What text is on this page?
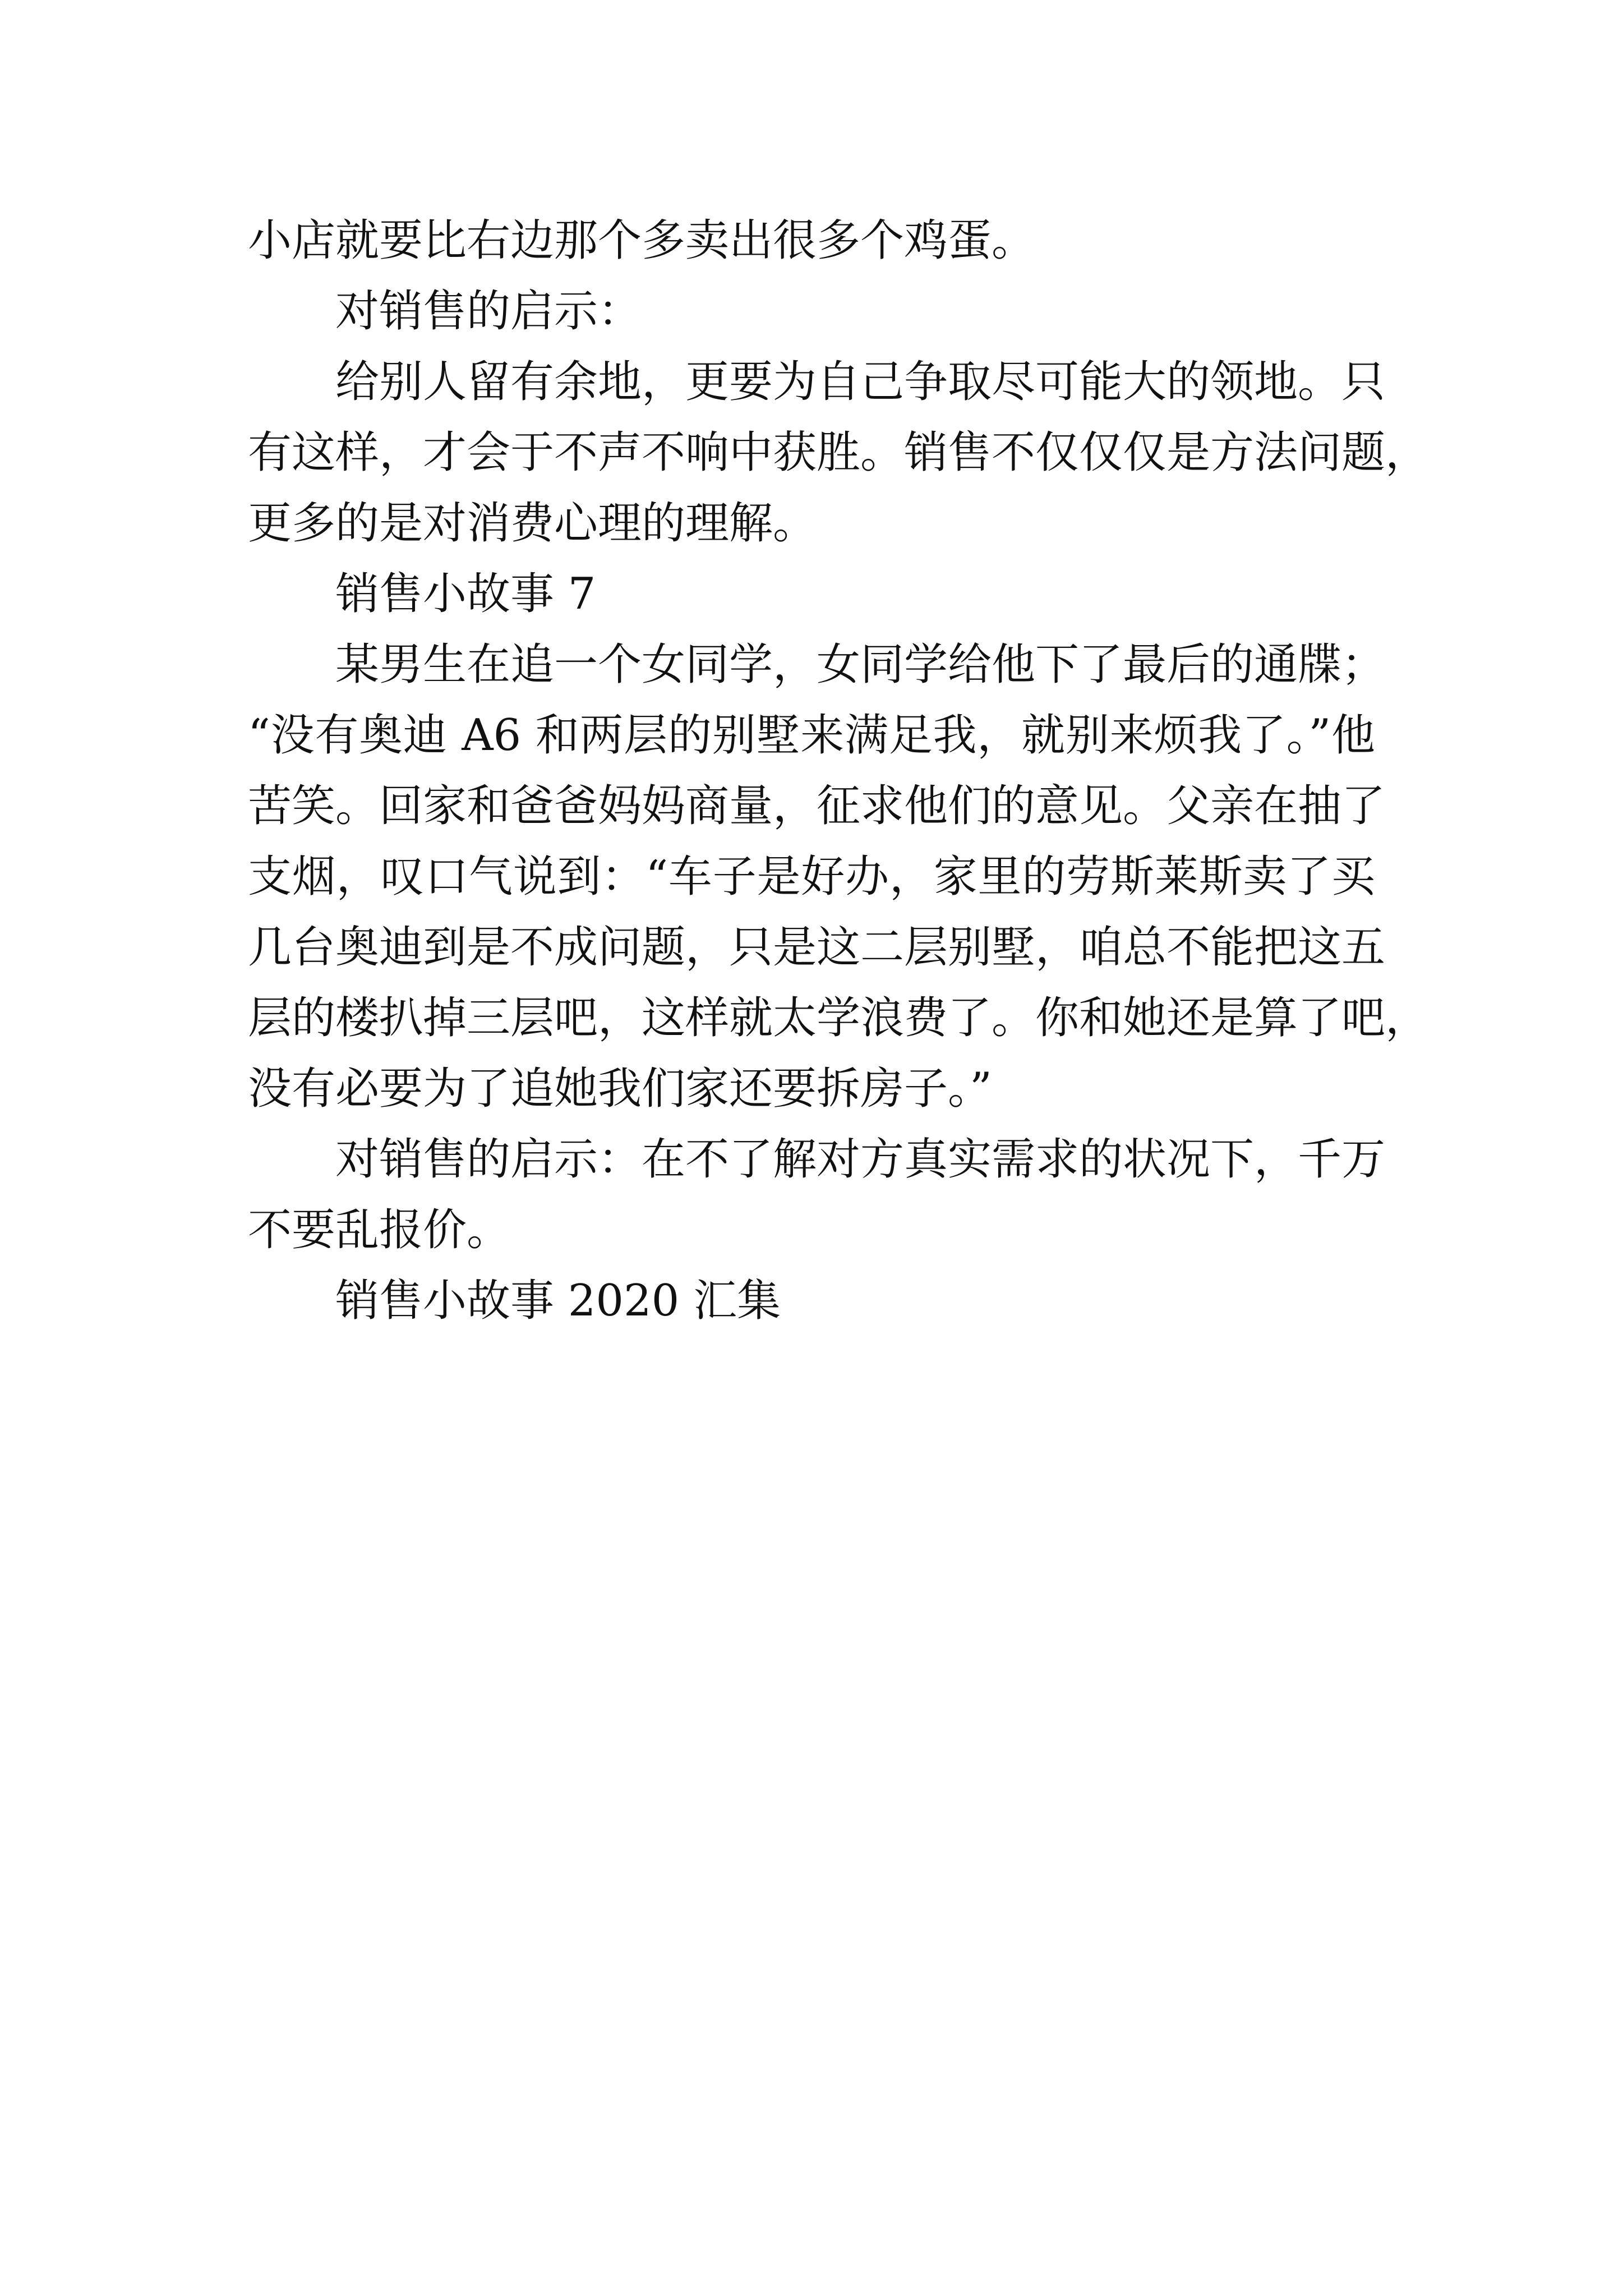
小店就要比右边那个多卖出很多个鸡蛋。
对销售的启示：
给别人留有余地，更要为自己争取尽可能大的领地。只
有这样，才会于不声不响中获胜。销售不仅仅仅是方法问题，
更多的是对消费心理的理解。
销售小故事 7
某男生在追一个女同学，女同学给他下了最后的通牒；
“没有奥迪 A6 和两层的别墅来满足我，就别来烦我了。”他
苦笑。回家和爸爸妈妈商量，征求他们的意见。父亲在抽了
支烟，叹口气说到：“车子是好办，家里的劳斯莱斯卖了买
几台奥迪到是不成问题，只是这二层别墅，咱总不能把这五
层的楼扒掉三层吧，这样就太学浪费了。你和她还是算了吧，
没有必要为了追她我们家还要拆房子。”
对销售的启示：在不了解对方真实需求的状况下，千万
不要乱报价。
销售小故事 2020 汇集
